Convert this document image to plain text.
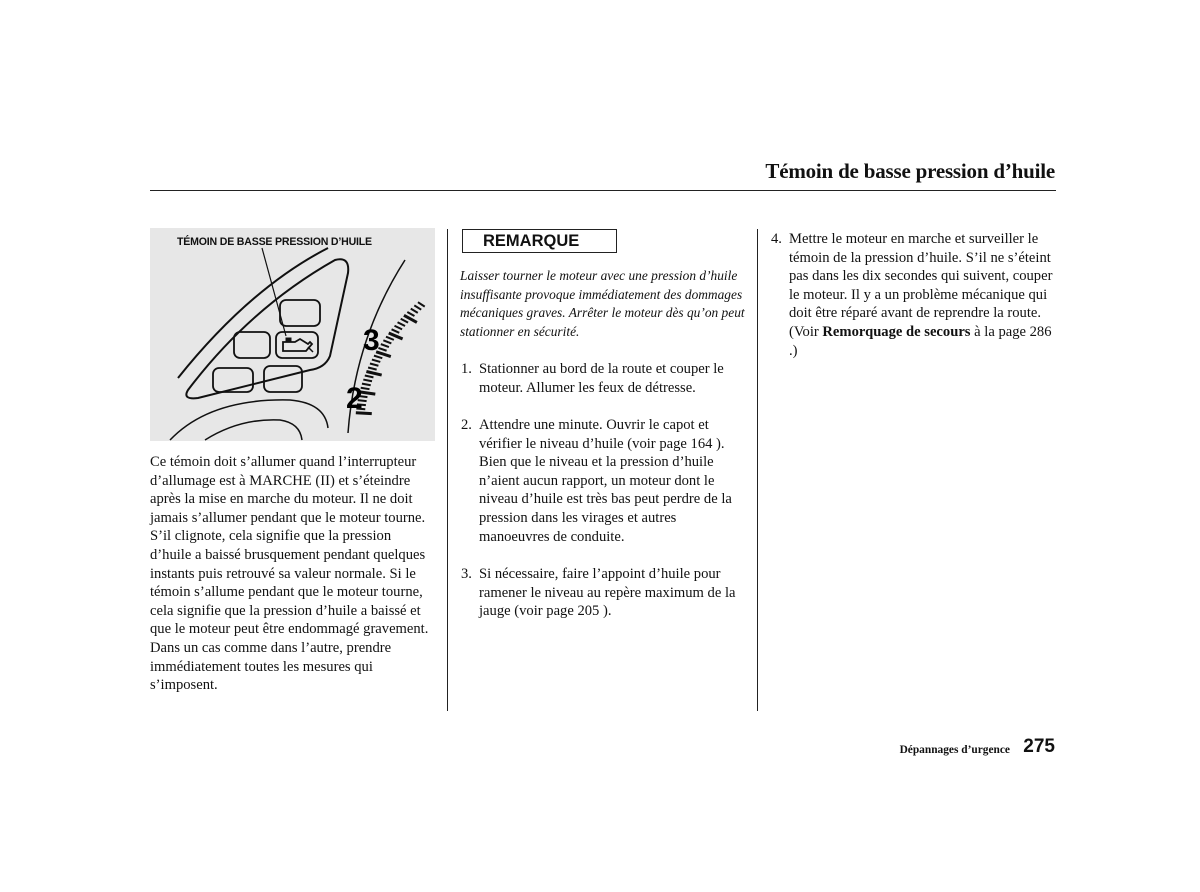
Témoin de basse pression d’huile
3
2
TÉMOIN DE BASSE PRESSION D’HUILE
Ce témoin doit s’allumer quand l’interrupteur d’allumage est à MARCHE (II) et s’éteindre après la mise en marche du moteur. Il ne doit jamais s’allumer pendant que le moteur tourne. S’il clignote, cela signifie que la pression d’huile a baissé brusquement pendant quelques instants puis retrouvé sa valeur normale. Si le témoin s’allume pendant que le moteur tourne, cela signifie que la pression d’huile a baissé et que le moteur peut être endommagé gravement. Dans un cas comme dans l’autre, prendre immédiatement toutes les mesures qui s’imposent.
REMARQUE
Laisser tourner le moteur avec une pression d’huile insuffisante provoque immédiatement des dommages mécaniques graves. Arrêter le moteur dès qu’on peut stationner en sécurité.
1. Stationner au bord de la route et couper le moteur. Allumer les feux de détresse.
2. Attendre une minute. Ouvrir le capot et vérifier le niveau d’huile (voir page 164 ). Bien que le niveau et la pression d’huile n’aient aucun rapport, un moteur dont le niveau d’huile est très bas peut perdre de la pression dans les virages et autres manoeuvres de conduite.
3. Si nécessaire, faire l’appoint d’huile pour ramener le niveau au repère maximum de la jauge (voir page 205 ).
4. Mettre le moteur en marche et surveiller le témoin de la pression d’huile. S’il ne s’éteint pas dans les dix secondes qui suivent, couper le moteur. Il y a un problème mécanique qui doit être réparé avant de reprendre la route. (Voir Remorquage de secours à la page 286 .)
Dépannages d’urgence 275
